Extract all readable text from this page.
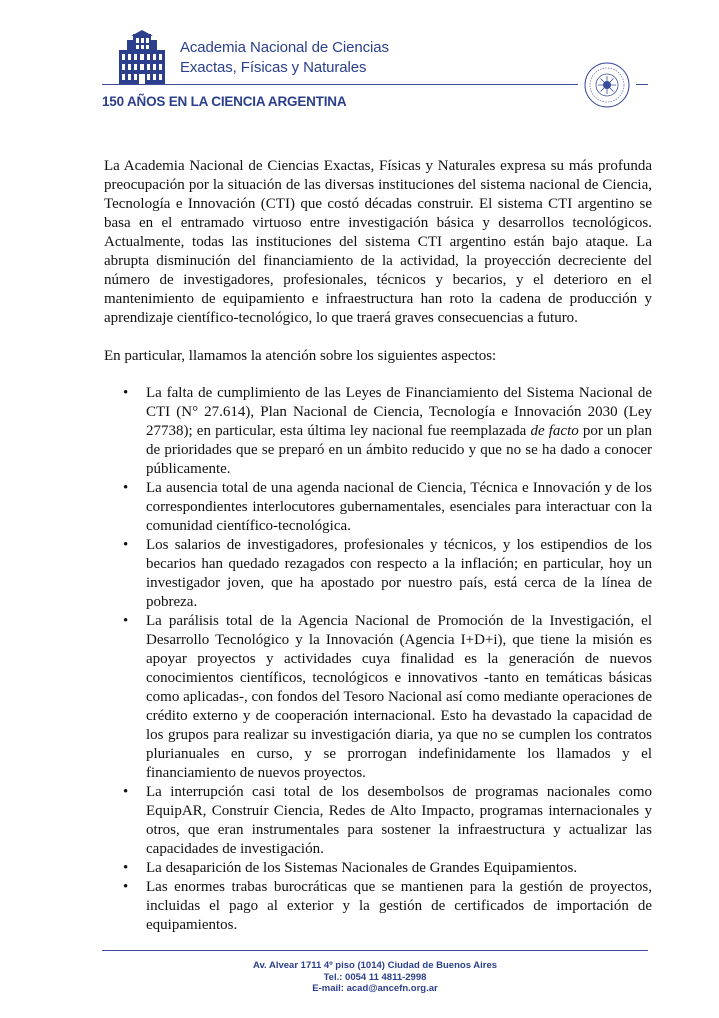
Academia Nacional de Ciencias
Exactas, Físicas y Naturales
150 AÑOS EN LA CIENCIA ARGENTINA

La Academia Nacional de Ciencias Exactas, Físicas y Naturales expresa su más profunda preocupación por la situación de las diversas instituciones del sistema nacional de Ciencia, Tecnología e Innovación (CTI) que costó décadas construir. El sistema CTI argentino se basa en el entramado virtuoso entre investigación básica y desarrollos tecnológicos. Actualmente, todas las instituciones del sistema CTI argentino están bajo ataque. La abrupta disminución del financiamiento de la actividad, la proyección decreciente del número de investigadores, profesionales, técnicos y becarios, y el deterioro en el mantenimiento de equipamiento e infraestructura han roto la cadena de producción y aprendizaje científico-tecnológico, lo que traerá graves consecuencias a futuro.

En particular, llamamos la atención sobre los siguientes aspectos:

• La falta de cumplimiento de las Leyes de Financiamiento del Sistema Nacional de CTI (N° 27.614), Plan Nacional de Ciencia, Tecnología e Innovación 2030 (Ley 27738); en particular, esta última ley nacional fue reemplazada de facto por un plan de prioridades que se preparó en un ámbito reducido y que no se ha dado a conocer públicamente.
• La ausencia total de una agenda nacional de Ciencia, Técnica e Innovación y de los correspondientes interlocutores gubernamentales, esenciales para interactuar con la comunidad científico-tecnológica.
• Los salarios de investigadores, profesionales y técnicos, y los estipendios de los becarios han quedado rezagados con respecto a la inflación; en particular, hoy un investigador joven, que ha apostado por nuestro país, está cerca de la línea de pobreza.
• La parálisis total de la Agencia Nacional de Promoción de la Investigación, el Desarrollo Tecnológico y la Innovación (Agencia I+D+i), que tiene la misión es apoyar proyectos y actividades cuya finalidad es la generación de nuevos conocimientos científicos, tecnológicos e innovativos -tanto en temáticas básicas como aplicadas-, con fondos del Tesoro Nacional así como mediante operaciones de crédito externo y de cooperación internacional. Esto ha devastado la capacidad de los grupos para realizar su investigación diaria, ya que no se cumplen los contratos plurianuales en curso, y se prorrogan indefinidamente los llamados y el financiamiento de nuevos proyectos.
• La interrupción casi total de los desembolsos de programas nacionales como EquipAR, Construir Ciencia, Redes de Alto Impacto, programas internacionales y otros, que eran instrumentales para sostener la infraestructura y actualizar las capacidades de investigación.
• La desaparición de los Sistemas Nacionales de Grandes Equipamientos.
• Las enormes trabas burocráticas que se mantienen para la gestión de proyectos, incluidas el pago al exterior y la gestión de certificados de importación de equipamientos.
Av. Alvear 1711 4º piso (1014) Ciudad de Buenos Aires
Tel.: 0054 11 4811-2998
E-mail: acad@ancefn.org.ar
